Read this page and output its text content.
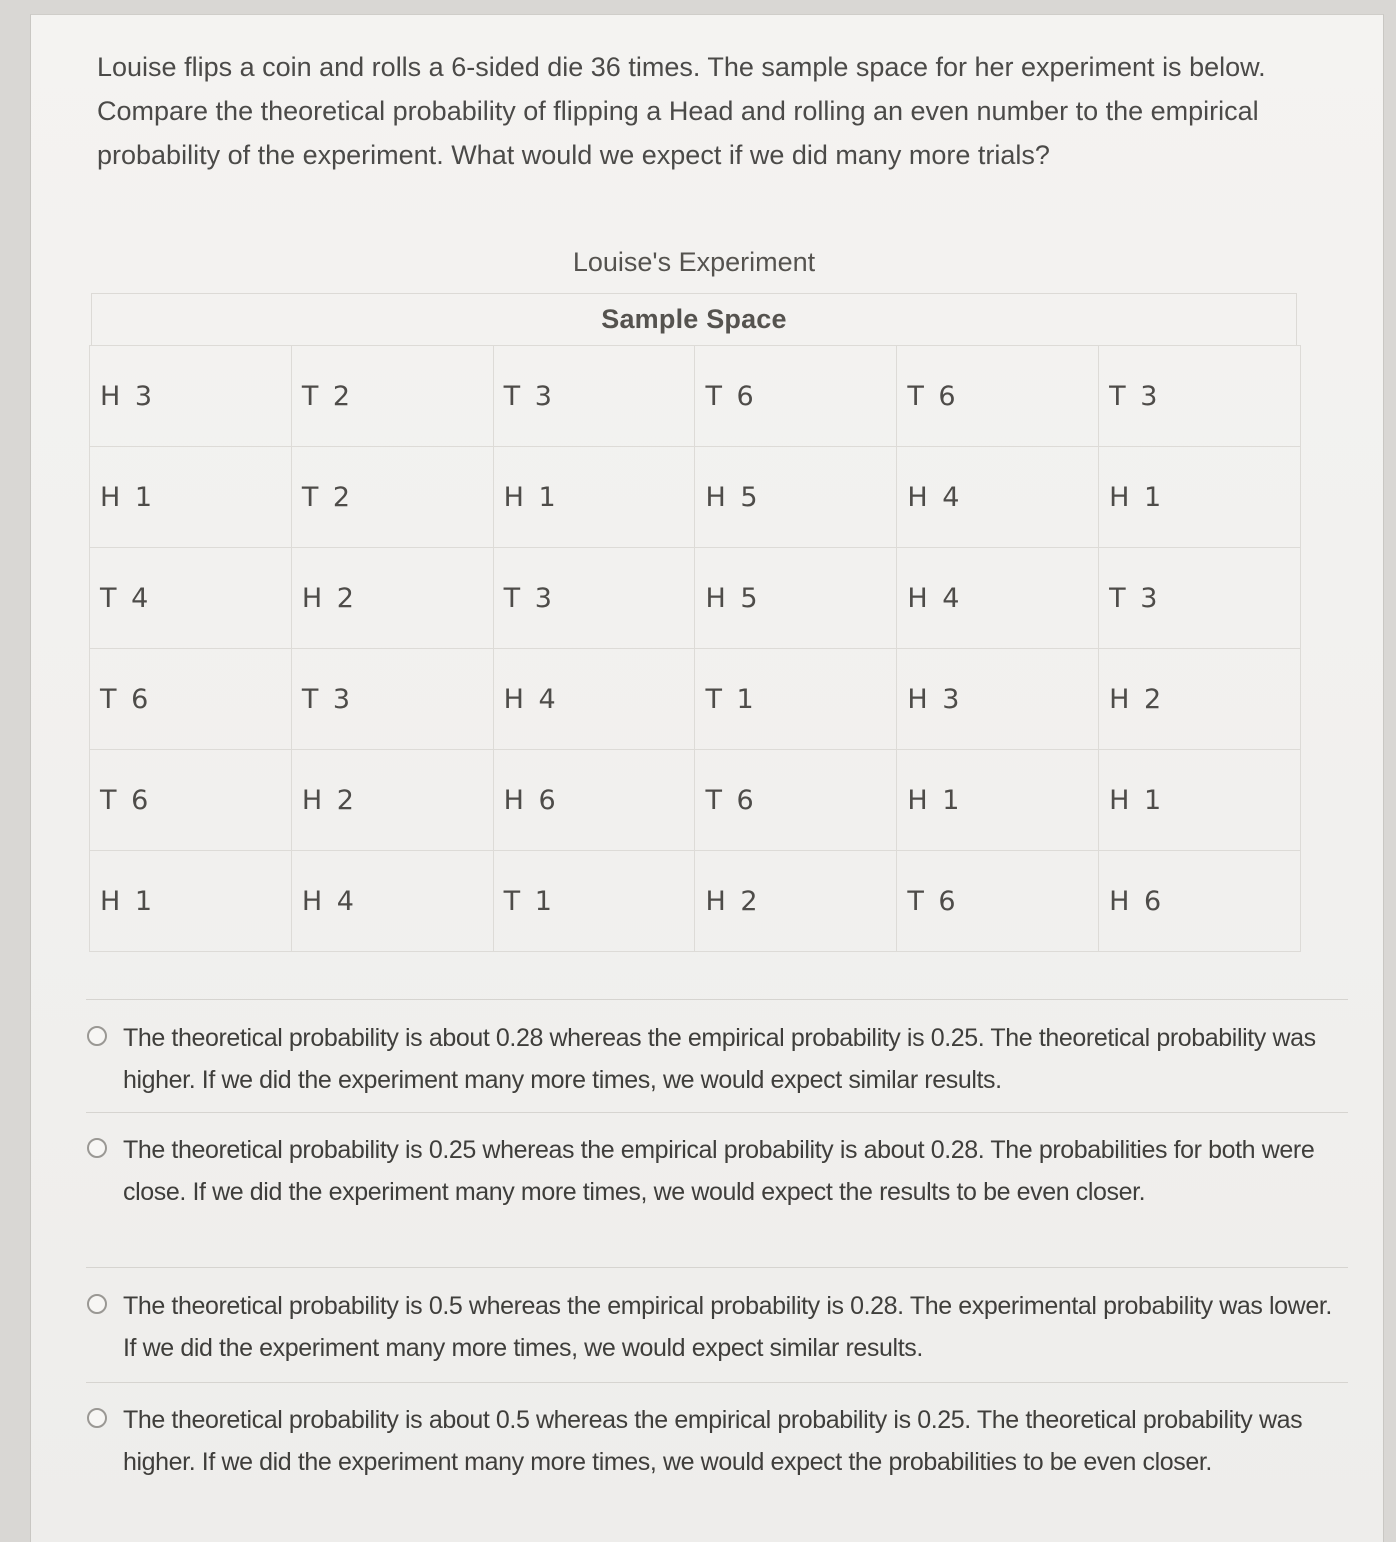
Louise flips a coin and rolls a 6-sided die 36 times. The sample space for her experiment is below. Compare the theoretical probability of flipping a Head and rolling an even number to the empirical probability of the experiment. What would we expect if we did many more trials?

Louise's Experiment
Sample Space
H 3	T 2	T 3	T 6	T 6	T 3
H 1	T 2	H 1	H 5	H 4	H 1
T 4	H 2	T 3	H 5	H 4	T 3
T 6	T 3	H 4	T 1	H 3	H 2
T 6	H 2	H 6	T 6	H 1	H 1
H 1	H 4	T 1	H 2	T 6	H 6
The theoretical probability is about 0.28 whereas the empirical probability is 0.25. The theoretical probability was higher. If we did the experiment many more times, we would expect similar results.
The theoretical probability is 0.25 whereas the empirical probability is about 0.28. The probabilities for both were close. If we did the experiment many more times, we would expect the results to be even closer.
The theoretical probability is 0.5 whereas the empirical probability is 0.28. The experimental probability was lower. If we did the experiment many more times, we would expect similar results.
The theoretical probability is about 0.5 whereas the empirical probability is 0.25. The theoretical probability was higher. If we did the experiment many more times, we would expect the probabilities to be even closer.
